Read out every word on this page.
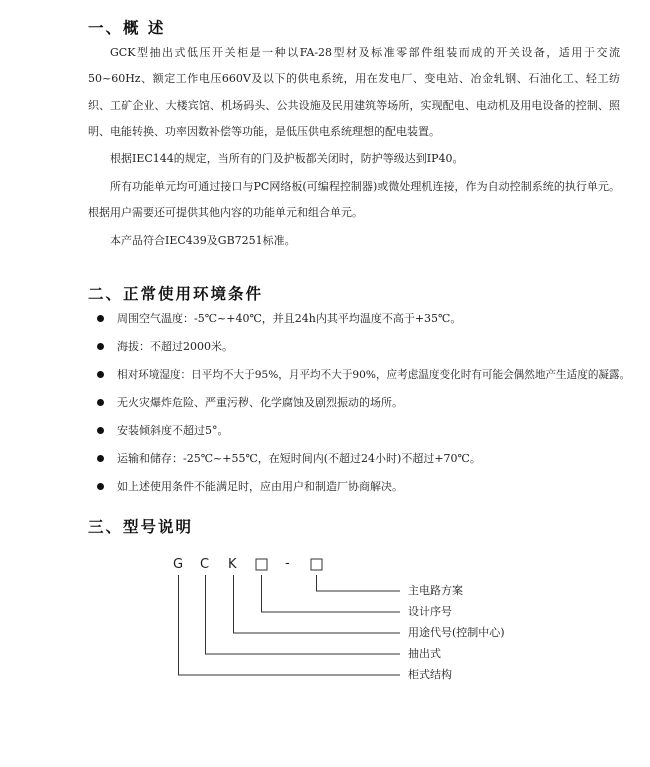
一、概 述

GCK型抽出式低压开关柜是一种以FA-28型材及标准零部件组装而成的开关设备，适用于交流50~60Hz、额定工作电压660V及以下的供电系统，用在发电厂、变电站、冶金轧钢、石油化工、轻工纺织、工矿企业、大楼宾馆、机场码头、公共设施及民用建筑等场所，实现配电、电动机及用电设备的控制、照明、电能转换、功率因数补偿等功能，是低压供电系统理想的配电装置。

根据IEC144的规定，当所有的门及护板都关闭时，防护等级达到IP40。

所有功能单元均可通过接口与PC网络板(可编程控制器)或微处理机连接，作为自动控制系统的执行单元。根据用户需要还可提供其他内容的功能单元和组合单元。

本产品符合IEC439及GB7251标准。

二、正常使用环境条件
周围空气温度：-5℃~+40℃，并且24h内其平均温度不高于+35℃。
海拔：不超过2000米。
相对环境湿度：日平均不大于95%，月平均不大于90%，应考虑温度变化时有可能会偶然地产生适度的凝露。
无火灾爆炸危险、严重污秽、化学腐蚀及剧烈振动的场所。
安装倾斜度不超过5°。
运输和储存：-25℃~+55℃，在短时间内(不超过24小时)不超过+70℃。
如上述使用条件不能满足时，应由用户和制造厂协商解决。
三、型号说明
G C K	-
主电路方案
设计序号
用途代号(控制中心)
抽出式
柜式结构
